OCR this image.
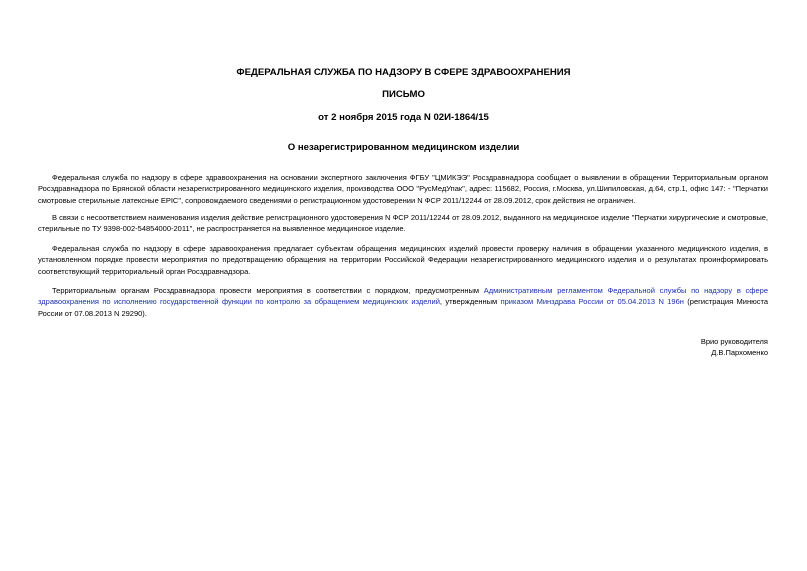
ФЕДЕРАЛЬНАЯ СЛУЖБА ПО НАДЗОРУ В СФЕРЕ ЗДРАВООХРАНЕНИЯ
ПИСЬМО
от 2 ноября 2015 года N 02И-1864/15
О незарегистрированном медицинском изделии

Федеральная служба по надзору в сфере здравоохранения на основании экспертного заключения ФГБУ "ЦМИКЭЭ" Росздравнадзора сообщает о выявлении в обращении Территориальным органом Росздравнадзора по Брянской области незарегистрированного медицинского изделия, производства ООО "РусМедУпак", адрес: 115682, Россия, г.Москва, ул.Шипиловская, д.64, стр.1, офис 147: - "Перчатки смотровые стерильные латексные EPIC", сопровождаемого сведениями о регистрационном удостоверении N ФСР 2011/12244 от 28.09.2012, срок действия не ограничен.

В связи с несоответствием наименования изделия действие регистрационного удостоверения N ФСР 2011/12244 от 28.09.2012, выданного на медицинское изделие "Перчатки хирургические и смотровые, стерильные по ТУ 9398-002-54854000-2011", не распространяется на выявленное медицинское изделие.

Федеральная служба по надзору в сфере здравоохранения предлагает субъектам обращения медицинских изделий провести проверку наличия в обращении указанного медицинского изделия, в установленном порядке провести мероприятия по предотвращению обращения на территории Российской Федерации незарегистрированного медицинского изделия и о результатах проинформировать соответствующий территориальный орган Росздравнадзора.

Территориальным органам Росздравнадзора провести мероприятия в соответствии с порядком, предусмотренным Административным регламентом Федеральной службы по надзору в сфере здравоохранения по исполнению государственной функции по контролю за обращением медицинских изделий, утвержденным приказом Минздрава России от 05.04.2013 N 196н (регистрация Минюста России от 07.08.2013 N 29290).

Врио руководителя
Д.В.Пархоменко
